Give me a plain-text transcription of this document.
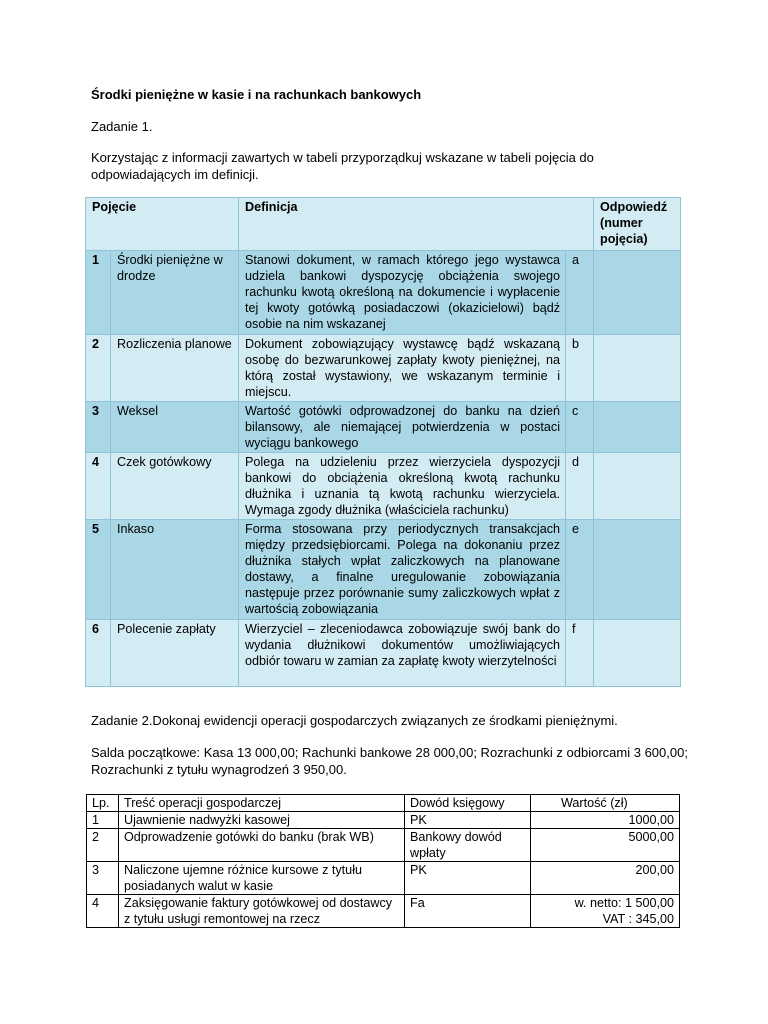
Środki pieniężne w kasie i na rachunkach bankowych
Zadanie 1.
Korzystając z informacji zawartych w tabeli przyporządkuj wskazane w tabeli pojęcia do odpowiadających im definicji.
Pojęcie		Definicja		Odpowiedź (numer pojęcia)
1	Środki pieniężne w drodze	Stanowi dokument, w ramach którego jego wystawca udziela bankowi dyspozycję obciążenia swojego rachunku kwotą określoną na dokumencie i wypłacenie tej kwoty gotówką posiadaczowi (okazicielowi) bądź osobie na nim wskazanej	a	
2	Rozliczenia planowe	Dokument zobowiązujący wystawcę bądź wskazaną osobę do bezwarunkowej zapłaty kwoty pieniężnej, na którą został wystawiony, we wskazanym terminie i miejscu.	b	
3	Weksel	Wartość gotówki odprowadzonej do banku na dzień bilansowy, ale niemającej potwierdzenia w postaci wyciągu bankowego	c	
4	Czek gotówkowy	Polega na udzieleniu przez wierzyciela dyspozycji bankowi do obciążenia określoną kwotą rachunku dłużnika i uznania tą kwotą rachunku wierzyciela. Wymaga zgody dłużnika (właściciela rachunku)	d	
5	Inkaso	Forma stosowana przy periodycznych transakcjach między przedsiębiorcami. Polega na dokonaniu przez dłużnika stałych wpłat zaliczkowych na planowane dostawy, a finalne uregulowanie zobowiązania następuje przez porównanie sumy zaliczkowych wpłat z wartością zobowiązania	e	
6	Polecenie zapłaty	Wierzyciel – zleceniodawca zobowiązuje swój bank do wydania dłużnikowi dokumentów umożliwiających odbiór towaru w zamian za zapłatę kwoty wierzytelności	f	
Zadanie 2.Dokonaj ewidencji operacji gospodarczych związanych ze środkami pieniężnymi.
Salda początkowe: Kasa 13 000,00; Rachunki bankowe 28 000,00; Rozrachunki z odbiorcami 3 600,00; Rozrachunki z tytułu wynagrodzeń 3 950,00.
Lp.	Treść operacji gospodarczej	Dowód księgowy	Wartość (zł)
1	Ujawnienie nadwyżki kasowej	PK	1000,00
2	Odprowadzenie gotówki do banku (brak WB)	Bankowy dowód wpłaty	5000,00
3	Naliczone ujemne różnice kursowe z tytułu posiadanych walut w kasie	PK	200,00
4	Zaksięgowanie faktury gotówkowej od dostawcy z tytułu usługi remontowej na rzecz	Fa	w. netto: 1 500,00
VAT : 345,00
